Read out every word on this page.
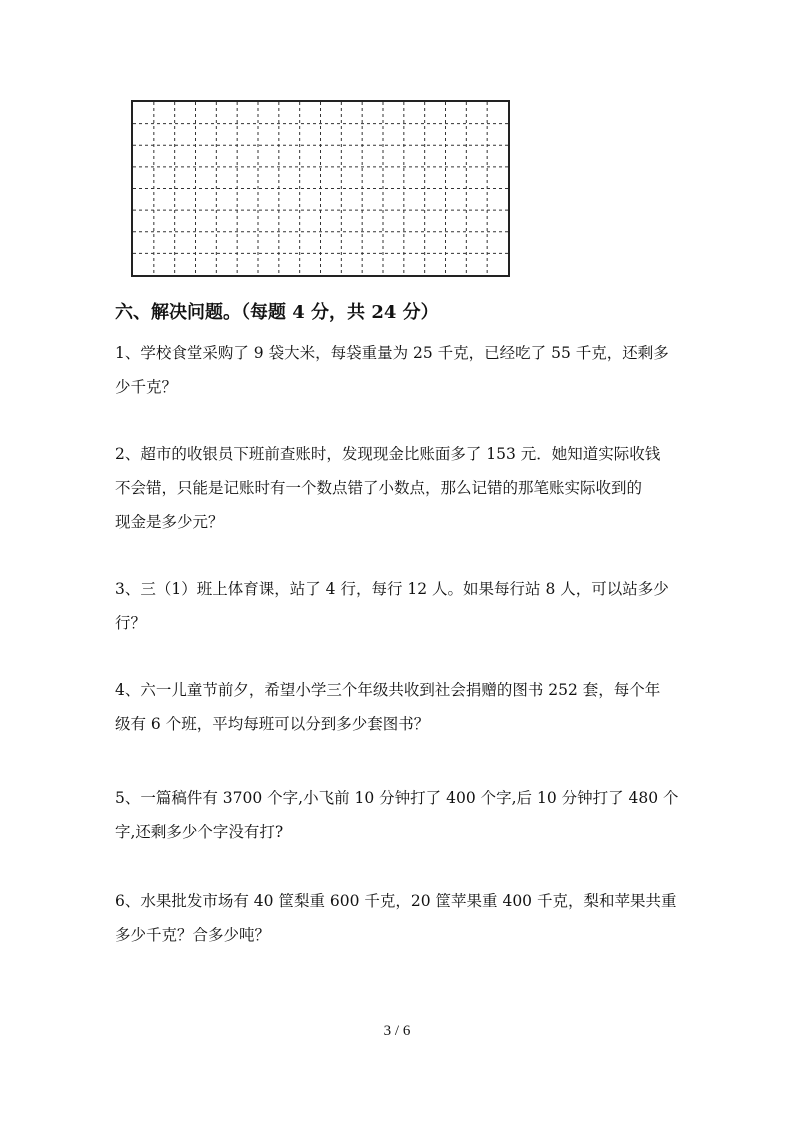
六、解决问题。（每题 4 分，共 24 分）
1、学校食堂采购了 9 袋大米，每袋重量为 25 千克，已经吃了 55 千克，还剩多
少千克？
2、超市的收银员下班前查账时，发现现金比账面多了 153 元．她知道实际收钱
不会错，只能是记账时有一个数点错了小数点，那么记错的那笔账实际收到的
现金是多少元？
3、三（1）班上体育课，站了 4 行，每行 12 人。如果每行站 8 人，可以站多少
行？
4、六一儿童节前夕，希望小学三个年级共收到社会捐赠的图书 252 套，每个年
级有 6 个班，平均每班可以分到多少套图书？
5、一篇稿件有 3700 个字,小飞前 10 分钟打了 400 个字,后 10 分钟打了 480 个
字,还剩多少个字没有打?
6、水果批发市场有 40 筐梨重 600 千克，20 筐苹果重 400 千克，梨和苹果共重
多少千克？合多少吨？
3 / 6
